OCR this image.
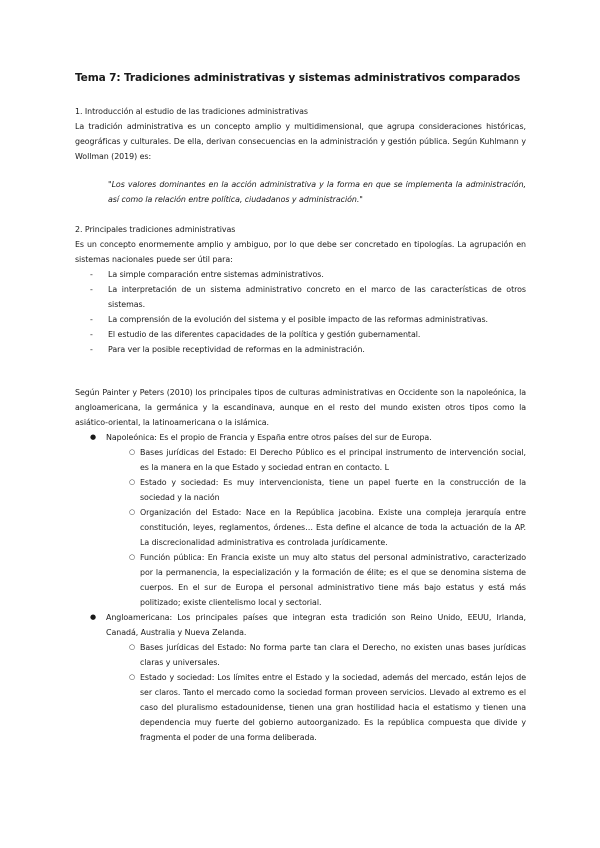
Tema 7: Tradiciones administrativas y sistemas administrativos comparados
1. Introducción al estudio de las tradiciones administrativas
La tradición administrativa es un concepto amplio y multidimensional, que agrupa consideraciones históricas, geográficas y culturales. De ella, derivan consecuencias en la administración y gestión pública. Según Kuhlmann y Wollman (2019) es:
"Los valores dominantes en la acción administrativa y la forma en que se implementa la administración, así como la relación entre política, ciudadanos y administración."
2. Principales tradiciones administrativas
Es un concepto enormemente amplio y ambiguo, por lo que debe ser concretado en tipologías. La agrupación en sistemas nacionales puede ser útil para:
- La simple comparación entre sistemas administrativos.
- La interpretación de un sistema administrativo concreto en el marco de las características de otros sistemas.
- La comprensión de la evolución del sistema y el posible impacto de las reformas administrativas.
- El estudio de las diferentes capacidades de la política y gestión gubernamental.
- Para ver la posible receptividad de reformas en la administración.
Según Painter y Peters (2010) los principales tipos de culturas administrativas en Occidente son la napoleónica, la angloamericana, la germánica y la escandinava, aunque en el resto del mundo existen otros tipos como la asiático-oriental, la latinoamericana o la islámica.
● Napoleónica: Es el propio de Francia y España entre otros países del sur de Europa.
○ Bases jurídicas del Estado: El Derecho Público es el principal instrumento de intervención social, es la manera en la que Estado y sociedad entran en contacto. L
○ Estado y sociedad: Es muy intervencionista, tiene un papel fuerte en la construcción de la sociedad y la nación
○ Organización del Estado: Nace en la República jacobina. Existe una compleja jerarquía entre constitución, leyes, reglamentos, órdenes… Esta define el alcance de toda la actuación de la AP. La discrecionalidad administrativa es controlada jurídicamente.
○ Función pública: En Francia existe un muy alto status del personal administrativo, caracterizado por la permanencia, la especialización y la formación de élite; es el que se denomina sistema de cuerpos. En el sur de Europa el personal administrativo tiene más bajo estatus y está más politizado; existe clientelismo local y sectorial.
● Angloamericana: Los principales países que integran esta tradición son Reino Unido, EEUU, Irlanda, Canadá, Australia y Nueva Zelanda.
○ Bases jurídicas del Estado: No forma parte tan clara el Derecho, no existen unas bases jurídicas claras y universales.
○ Estado y sociedad: Los límites entre el Estado y la sociedad, además del mercado, están lejos de ser claros. Tanto el mercado como la sociedad forman proveen servicios. Llevado al extremo es el caso del pluralismo estadounidense, tienen una gran hostilidad hacia el estatismo y tienen una dependencia muy fuerte del gobierno autoorganizado. Es la república compuesta que divide y fragmenta el poder de una forma deliberada.
